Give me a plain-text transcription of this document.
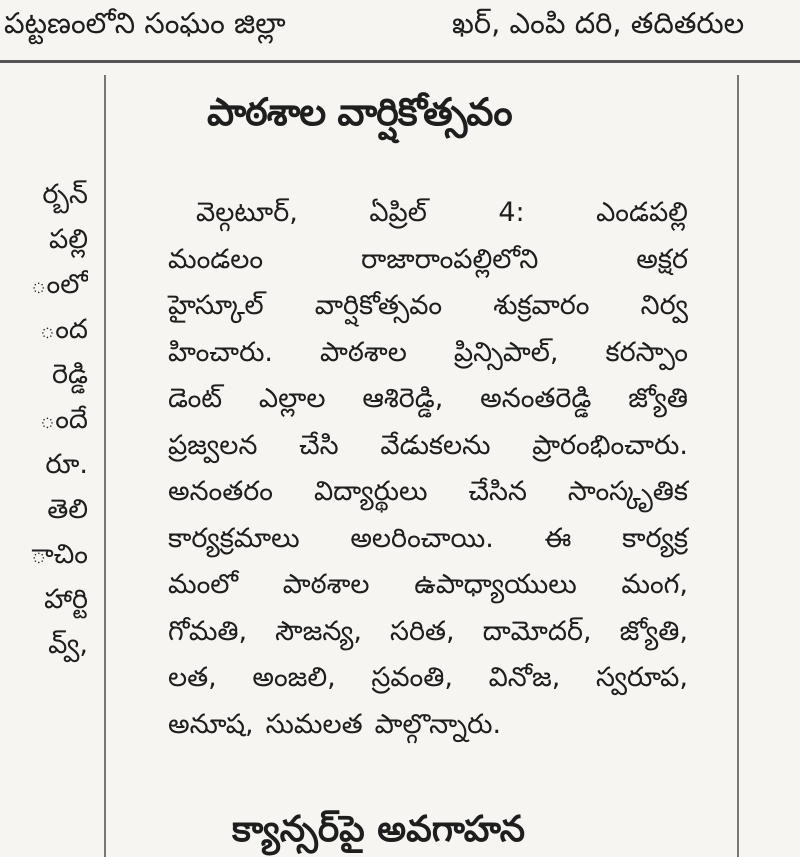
పట్టణంలోని సంఘం జిల్లా	ఖర్, ఎంపి దరి, తదితరుల
ర్బన్
పల్లి
ంలో
ంద
రెడ్డి
ందే
రూ.
తెలి
ాచిం
హార్టి
వ్వ్,
పాఠశాల వార్షికోత్సవం
వెల్గటూర్,	ఏప్రిల్	4:	ఎండపల్లి
మండలం	రాజారాంపల్లిలోని	అక్షర
హైస్కూల్ వార్షికోత్సవం శుక్రవారం నిర్వ
హించారు. పాఠశాల ప్రిన్సిపాల్, కరస్పాం
డెంట్ ఎల్లాల ఆశిరెడ్డి, అనంతరెడ్డి జ్యోతి
ప్రజ్వలన చేసి వేడుకలను ప్రారంభించారు.
అనంతరం విద్యార్థులు చేసిన సాంస్కృతిక
కార్యక్రమాలు అలరించాయి. ఈ కార్యక్ర
మంలో పాఠశాల ఉపాధ్యాయులు మంగ,
గోమతి, సౌజన్య, సరిత, దామోదర్, జ్యోతి,
లత, అంజలి, స్రవంతి, వినోజ, స్వరూప,
అనూష, సుమలత పాల్గొన్నారు.
క్యాన్సర్‌పై అవగాహన
